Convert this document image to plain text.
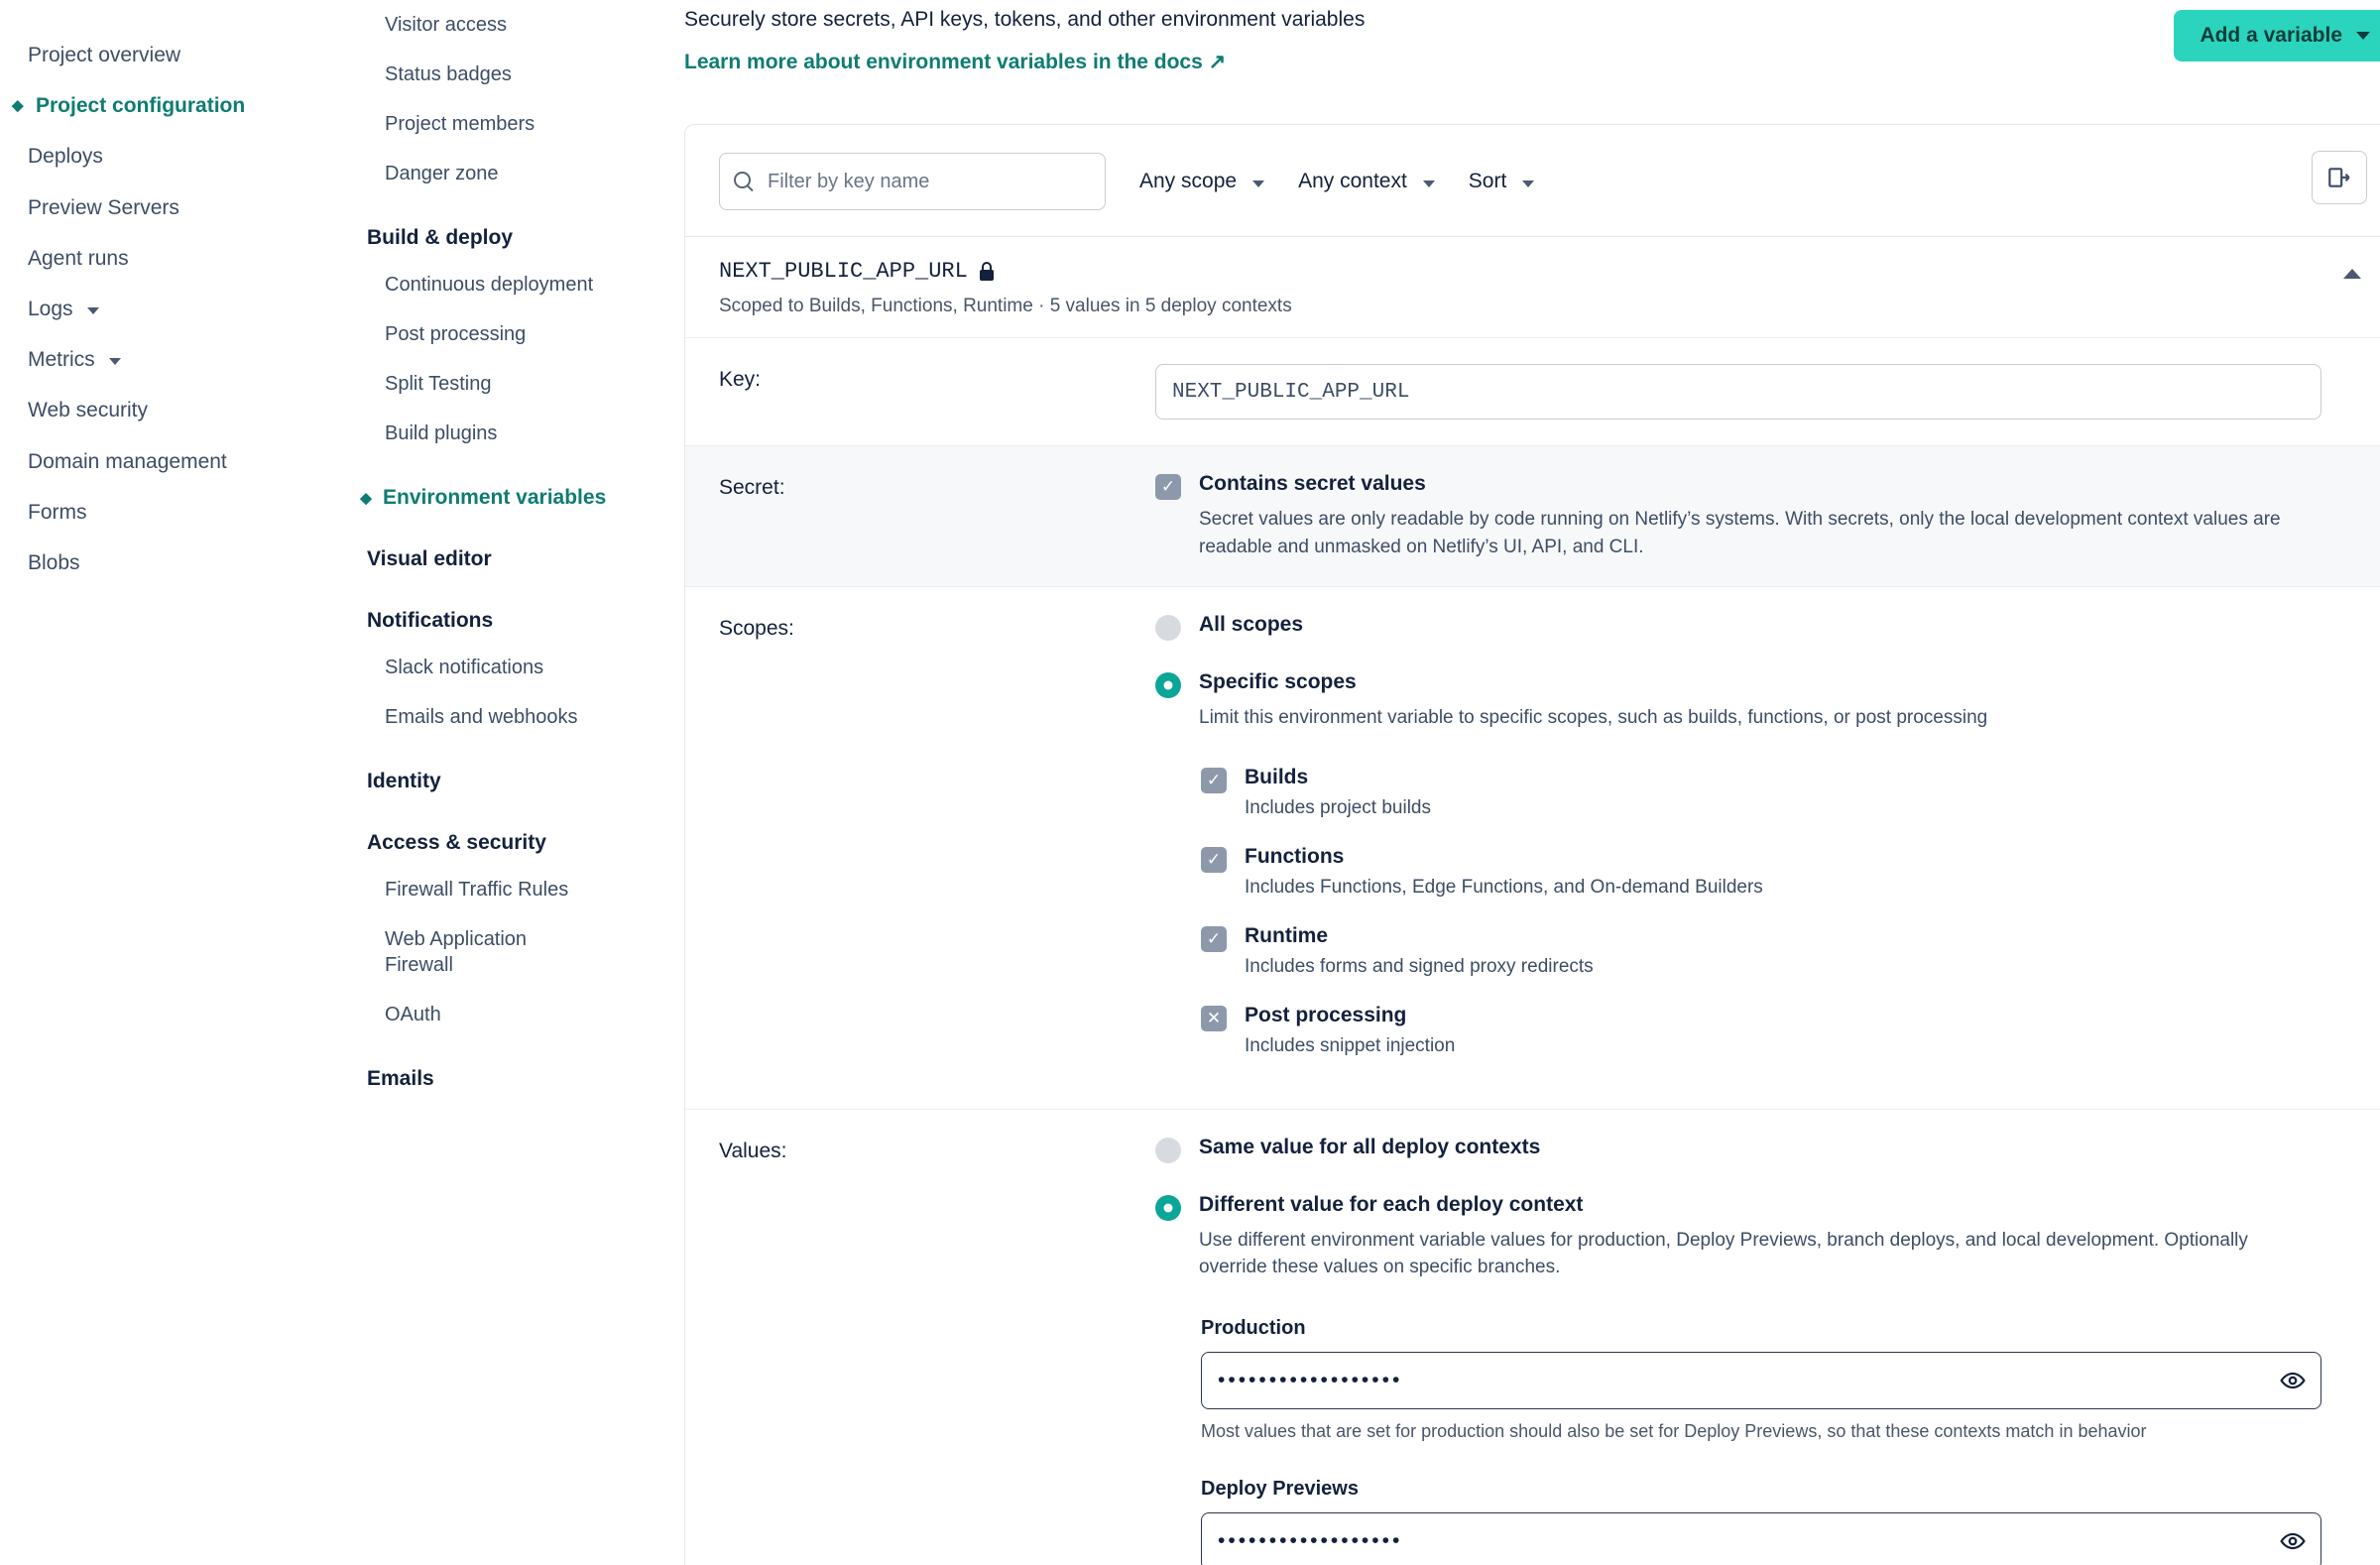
Project overview
◆ Project configuration
Deploys
Preview Servers
Agent runs
Logs
Metrics
Web security
Domain management
Forms
Blobs
Visitor access
Status badges
Project members
Danger zone
Build & deploy
Continuous deployment
Post processing
Split Testing
Build plugins
◆ Environment variables
Visual editor
Notifications
Slack notifications
Emails and webhooks
Identity
Access & security
Firewall Traffic Rules
Web Application Firewall
OAuth
Emails
Securely store secrets, API keys, tokens, and other environment variables
Learn more about environment variables in the docs ↗
Add a variable
Filter by key name
Any scope	Any context	Sort
NEXT_PUBLIC_APP_URL
Scoped to Builds, Functions, Runtime · 5 values in 5 deploy contexts
Key:
NEXT_PUBLIC_APP_URL
Secret:	✓ Contains secret values
Secret values are only readable by code running on Netlify’s systems. With secrets, only the local development context values are readable and unmasked on Netlify’s UI, API, and CLI.
Scopes:	All scopes
Specific scopes
Limit this environment variable to specific scopes, such as builds, functions, or post processing
✓ Builds
Includes project builds
✓ Functions
Includes Functions, Edge Functions, and On-demand Builders
✓ Runtime
Includes forms and signed proxy redirects
✕ Post processing
Includes snippet injection
Values:	Same value for all deploy contexts
Different value for each deploy context
Use different environment variable values for production, Deploy Previews, branch deploys, and local development. Optionally override these values on specific branches.
Production
••••••••••••••••••
Most values that are set for production should also be set for Deploy Previews, so that these contexts match in behavior
Deploy Previews
••••••••••••••••••
